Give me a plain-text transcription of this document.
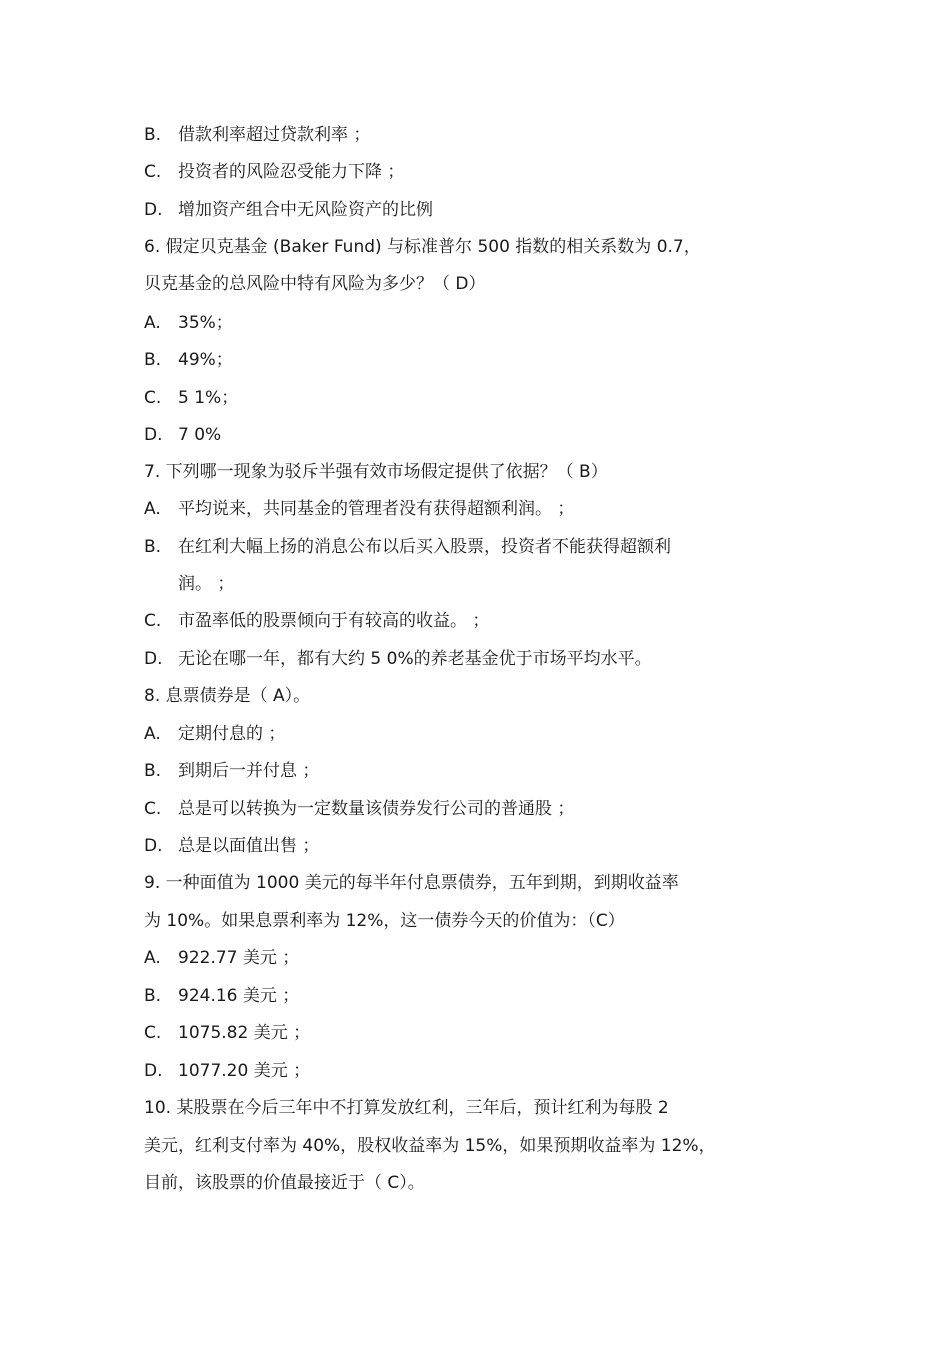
B. 借款利率超过贷款利率 ；
C. 投资者的风险忍受能力下降 ；
D. 增加资产组合中无风险资产的比例
6. 假定贝克基金 (Baker Fund) 与标准普尔 500 指数的相关系数为 0.7，
贝克基金的总风险中特有风险为多少？（ D）
A. 35%；
B. 49%；
C. 5 1%；
D. 7 0%
7. 下列哪一现象为驳斥半强有效市场假定提供了依据？（ B）
A. 平均说来，共同基金的管理者没有获得超额利润。 ；
B. 在红利大幅上扬的消息公布以后买入股票，投资者不能获得超额利
润。 ；
C. 市盈率低的股票倾向于有较高的收益。 ；
D. 无论在哪一年，都有大约 5 0%的养老基金优于市场平均水平。
8. 息票债券是（ A）。
A. 定期付息的 ；
B. 到期后一并付息 ；
C. 总是可以转换为一定数量该债券发行公司的普通股 ；
D. 总是以面值出售 ；
9. 一种面值为 1000 美元的每半年付息票债券，五年到期，到期收益率
为 10%。如果息票利率为 12%，这一债券今天的价值为：（C）
A. 922.77 美元 ；
B. 924.16 美元 ；
C. 1075.82 美元 ；
D. 1077.20 美元 ；
10. 某股票在今后三年中不打算发放红利，三年后，预计红利为每股 2
美元，红利支付率为 40%，股权收益率为 15%，如果预期收益率为 12%，
目前，该股票的价值最接近于（ C）。
